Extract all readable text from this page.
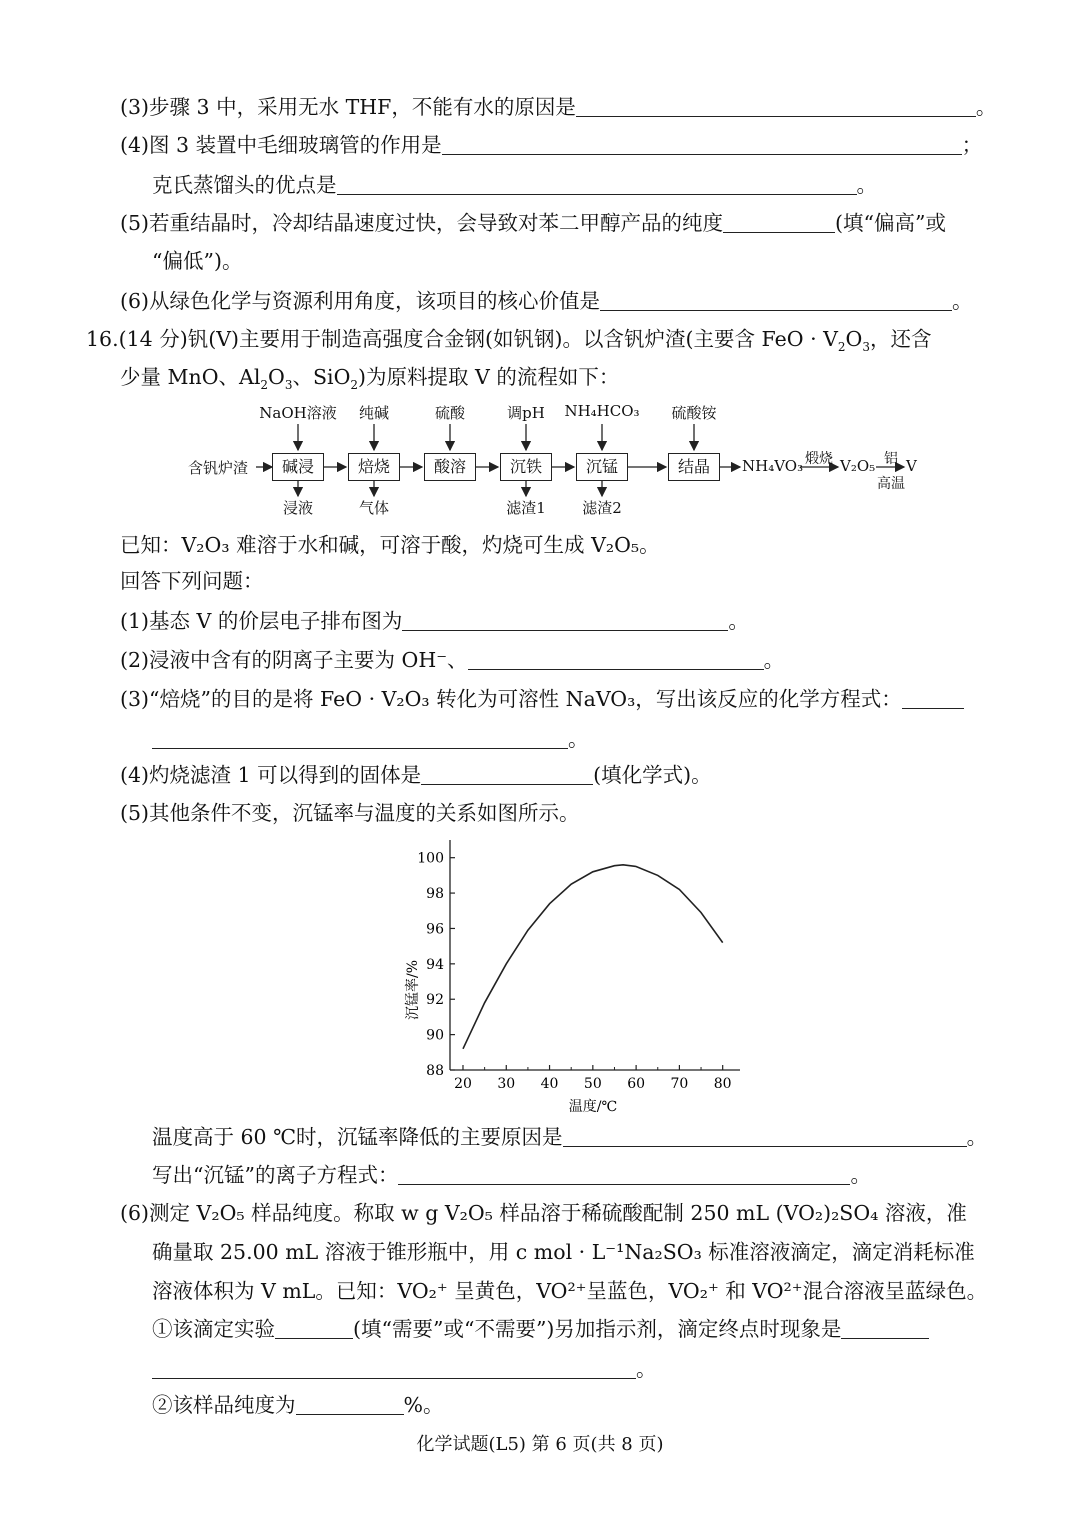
(3)步骤 3 中，采用无水 THF，不能有水的原因是	。
(4)图 3 装置中毛细玻璃管的作用是	；
克氏蒸馏头的优点是	。
(5)若重结晶时，冷却结晶速度过快，会导致对苯二甲醇产品的纯度	(填“偏高”或
“偏低”)。
(6)从绿色化学与资源利用角度，该项目的核心价值是	。
16.(14 分)钒(V)主要用于制造高强度合金钢(如钒钢)。以含钒炉渣(主要含 FeO · $V_2O_3$，还含
少量 MnO、$Al_2O_3$、SiO$_2$)为原料提取 V 的流程如下：
含钒炉渣	碱浸	焙烧	酸溶	沉铁	沉锰	结晶
NaOH溶液	纯碱	硫酸	调pH	NH₄HCO₃	硫酸铵
浸液	气体	滤渣1	滤渣2
NH₄VO₃ 煅烧 V₂O₅ 铝
高温
V
已知：V₂O₃ 难溶于水和碱，可溶于酸，灼烧可生成 V₂O₅。
回答下列问题：
(1)基态 V 的价层电子排布图为	。
(2)浸液中含有的阴离子主要为 OH⁻、	。
(3)“焙烧”的目的是将 FeO · V₂O₃ 转化为可溶性 NaVO₃，写出该反应的化学方程式：
。
(4)灼烧滤渣 1 可以得到的固体是	(填化学式)。
(5)其他条件不变，沉锰率与温度的关系如图所示。
88
90
92
94
96
98
100
20 30 40 50 60 70 80
温度/℃
沉锰率/%
温度高于 60 ℃时，沉锰率降低的主要原因是	。
写出“沉锰”的离子方程式：	。
(6)测定 V₂O₅ 样品纯度。称取 w g V₂O₅ 样品溶于稀硫酸配制 250 mL (VO₂)₂SO₄ 溶液，准
确量取 25.00 mL 溶液于锥形瓶中，用 c mol · L⁻¹Na₂SO₃ 标准溶液滴定，滴定消耗标准
溶液体积为 V mL。已知：VO₂⁺ 呈黄色，VO²⁺呈蓝色，VO₂⁺ 和 VO²⁺混合溶液呈蓝绿色。
①该滴定实验	(填“需要”或“不需要”)另加指示剂，滴定终点时现象是
。
②该样品纯度为	%。
化学试题(L5) 第 6 页(共 8 页)
